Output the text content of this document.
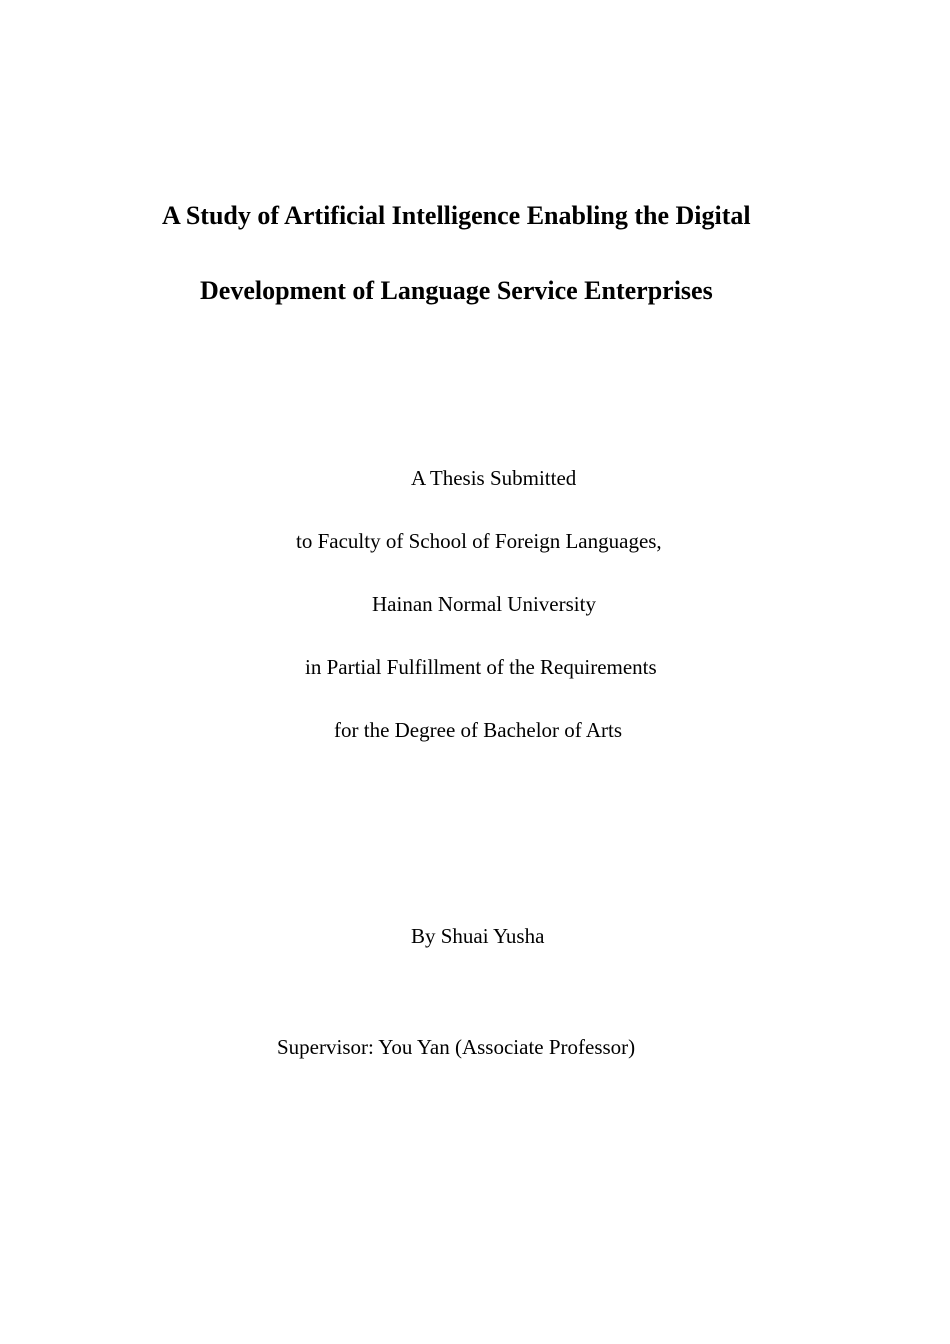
A Study of Artificial Intelligence Enabling the Digital
Development of Language Service Enterprises
A Thesis Submitted
to Faculty of School of Foreign Languages,
Hainan Normal University
in Partial Fulfillment of the Requirements
for the Degree of Bachelor of Arts
By Shuai Yusha
Supervisor: You Yan (Associate Professor)
